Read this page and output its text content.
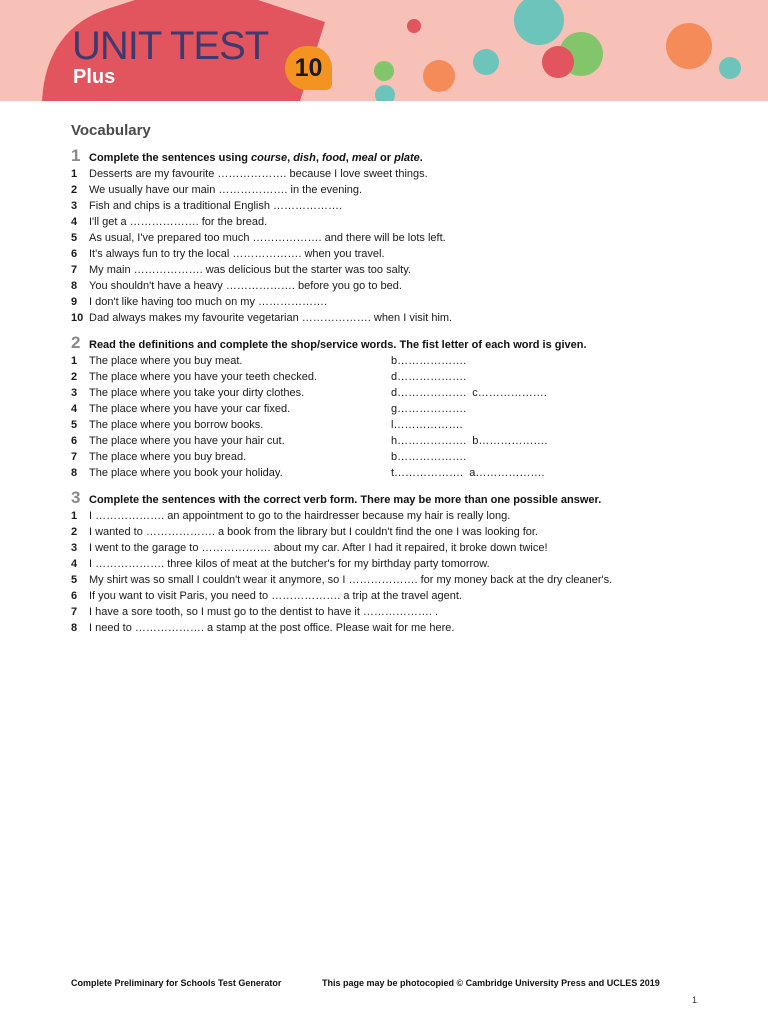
UNIT TEST
Plus	10
Vocabulary
1 Complete the sentences using course, dish, food, meal or plate.
1	Desserts are my favourite ………………. because I love sweet things.
2	We usually have our main ………………. in the evening.
3	Fish and chips is a traditional English ……………….
4	I'll get a ………………. for the bread.
5	As usual, I've prepared too much ………………. and there will be lots left.
6	It's always fun to try the local ………………. when you travel.
7	My main ………………. was delicious but the starter was too salty.
8	You shouldn't have a heavy ………………. before you go to bed.
9	I don't like having too much on my ……………….
10 Dad always makes my favourite vegetarian ………………. when I visit him.
2 Read the definitions and complete the shop/service words. The fist letter of each word is given.
1	The place where you buy meat.	b……………….
2	The place where you have your teeth checked.	d……………….
3	The place where you take your dirty clothes.	d……………….  c……………….
4	The place where you have your car fixed.	g……………….
5	The place where you borrow books.	l……………….
6	The place where you have your hair cut.	h……………….  b……………….
7	The place where you buy bread.	b……………….
8	The place where you book your holiday.	t……………….  a……………….
3 Complete the sentences with the correct verb form. There may be more than one possible answer.
1	I ………………. an appointment to go to the hairdresser because my hair is really long.
2	I wanted to ………………. a book from the library but I couldn't find the one I was looking for.
3	I went to the garage to ………………. about my car. After I had it repaired, it broke down twice!
4	I ………………. three kilos of meat at the butcher's for my birthday party tomorrow.
5	My shirt was so small I couldn't wear it anymore, so I ………………. for my money back at the dry cleaner's.
6	If you want to visit Paris, you need to ………………. a trip at the travel agent.
7	I have a sore tooth, so I must go to the dentist to have it ………………. .
8	I need to ………………. a stamp at the post office. Please wait for me here.
Complete Preliminary for Schools Test Generator	This page may be photocopied © Cambridge University Press and UCLES 2019
1
